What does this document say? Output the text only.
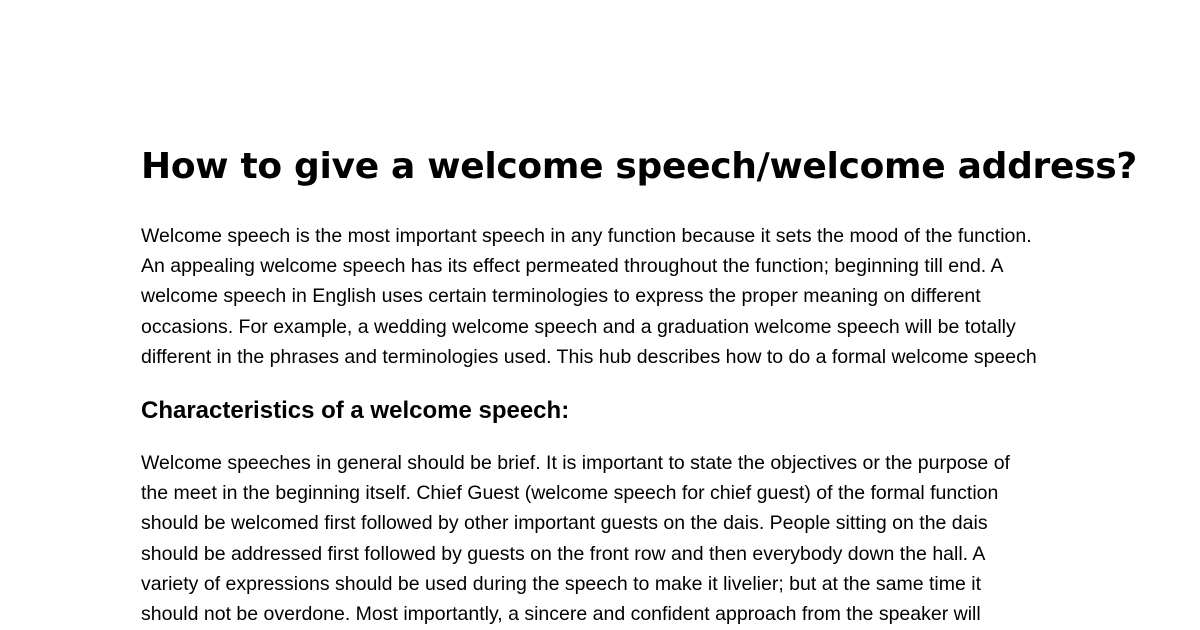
How to give a welcome speech/welcome address?

Welcome speech is the most important speech in any function because it sets the mood of the function.
An appealing welcome speech has its effect permeated throughout the function; beginning till end. A
welcome speech in English uses certain terminologies to express the proper meaning on different
occasions. For example, a wedding welcome speech and a graduation welcome speech will be totally
different in the phrases and terminologies used. This hub describes how to do a formal welcome speech

Characteristics of a welcome speech:

Welcome speeches in general should be brief. It is important to state the objectives or the purpose of
the meet in the beginning itself. Chief Guest (welcome speech for chief guest) of the formal function
should be welcomed first followed by other important guests on the dais. People sitting on the dais
should be addressed first followed by guests on the front row and then everybody down the hall. A
variety of expressions should be used during the speech to make it livelier; but at the same time it
should not be overdone. Most importantly, a sincere and confident approach from the speaker will
